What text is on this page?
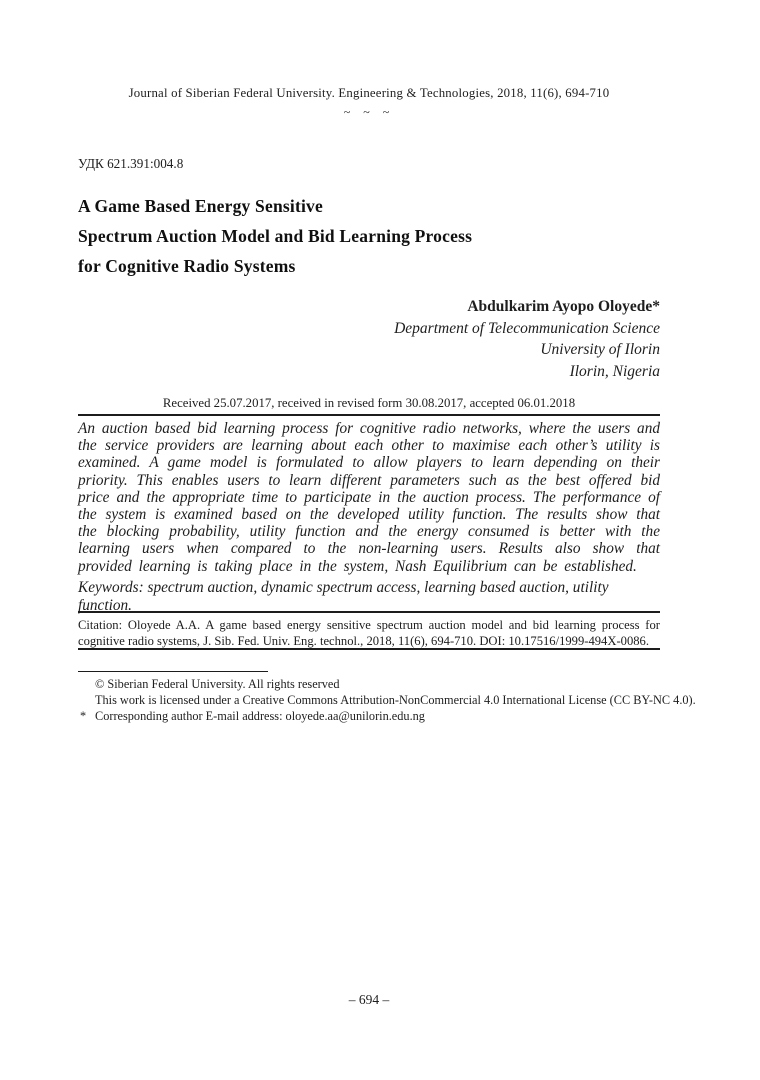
Journal of Siberian Federal University. Engineering & Technologies, 2018, 11(6), 694-710
~ ~ ~
УДК 621.391:004.8
A Game Based Energy Sensitive
Spectrum Auction Model and Bid Learning Process
for Cognitive Radio Systems
Abdulkarim Ayopo Oloyede*
Department of Telecommunication Science
University of Ilorin
Ilorin, Nigeria
Received 25.07.2017, received in revised form 30.08.2017, accepted 06.01.2018

An auction based bid learning process for cognitive radio networks, where the users and the service providers are learning about each other to maximise each other’s utility is examined. A game model is formulated to allow players to learn depending on their priority. This enables users to learn different parameters such as the best offered bid price and the appropriate time to participate in the auction process. The performance of the system is examined based on the developed utility function. The results show that the blocking probability, utility function and the energy consumed is better with the learning users when compared to the non-learning users. Results also show that provided learning is taking place in the system, Nash Equilibrium can be established.

Keywords: spectrum auction, dynamic spectrum access, learning based auction, utility function.

Citation: Oloyede A.A. A game based energy sensitive spectrum auction model and bid learning process for cognitive radio systems, J. Sib. Fed. Univ. Eng. technol., 2018, 11(6), 694-710. DOI: 10.17516/1999-494X-0086.

© Siberian Federal University. All rights reserved
This work is licensed under a Creative Commons Attribution-NonCommercial 4.0 International License (CC BY-NC 4.0).
* Corresponding author E-mail address: oloyede.aa@unilorin.edu.ng
– 694 –
